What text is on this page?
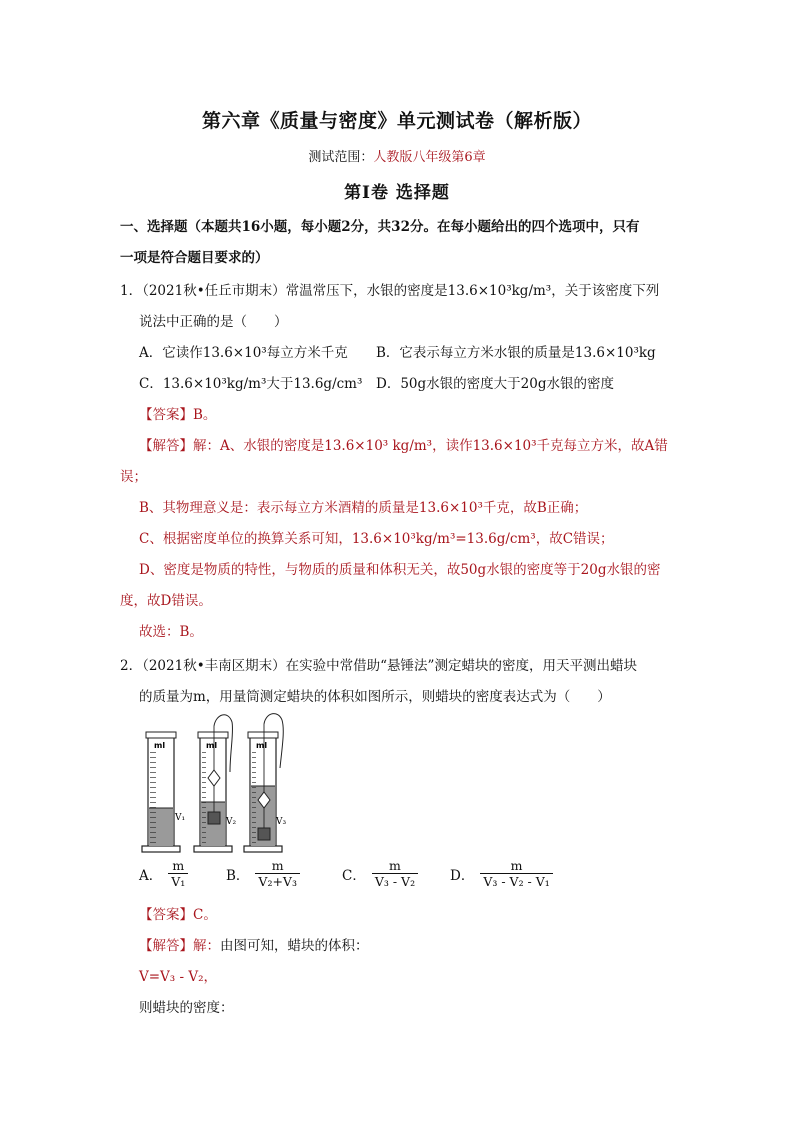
第六章《质量与密度》单元测试卷（解析版）
测试范围：人教版八年级第6章
第Ⅰ卷 选择题
一、选择题（本题共16小题，每小题2分，共32分。在每小题给出的四个选项中，只有
一项是符合题目要求的）
1．（2021秋•任丘市期末）常温常压下，水银的密度是13.6×10³kg/m³，关于该密度下列
说法中正确的是（　　）
A．它读作13.6×10³每立方米千克 B．它表示每立方米水银的质量是13.6×10³kg
C．13.6×10³kg/m³大于13.6g/cm³ D．50g水银的密度大于20g水银的密度
【答案】B。
【解答】解：A、水银的密度是13.6×10³ kg/m³，读作13.6×10³千克每立方米，故A错
误；
B、其物理意义是：表示每立方米酒精的质量是13.6×10³千克，故B正确；
C、根据密度单位的换算关系可知，13.6×10³kg/m³=13.6g/cm³，故C错误；
D、密度是物质的特性，与物质的质量和体积无关，故50g水银的密度等于20g水银的密
度，故D错误。
故选：B。
2．（2021秋•丰南区期末）在实验中常借助“悬锤法”测定蜡块的密度，用天平测出蜡块
的质量为m，用量筒测定蜡块的体积如图所示，则蜡块的密度表达式为（　　）
ml	ml	ml
V₁	V₂	V₃
A． $\frac{m}{\text{V₁}}$	B． $\frac{m}{\text{V₂+V₃}}$	C． $\frac{m}{\text{V₃ - V₂}}$ D． $\frac{m}{\text{V₃ - V₂ - V₁}}$
【答案】C。
【解答】解：由图可知，蜡块的体积：
V=V₃ - V₂，
则蜡块的密度：
